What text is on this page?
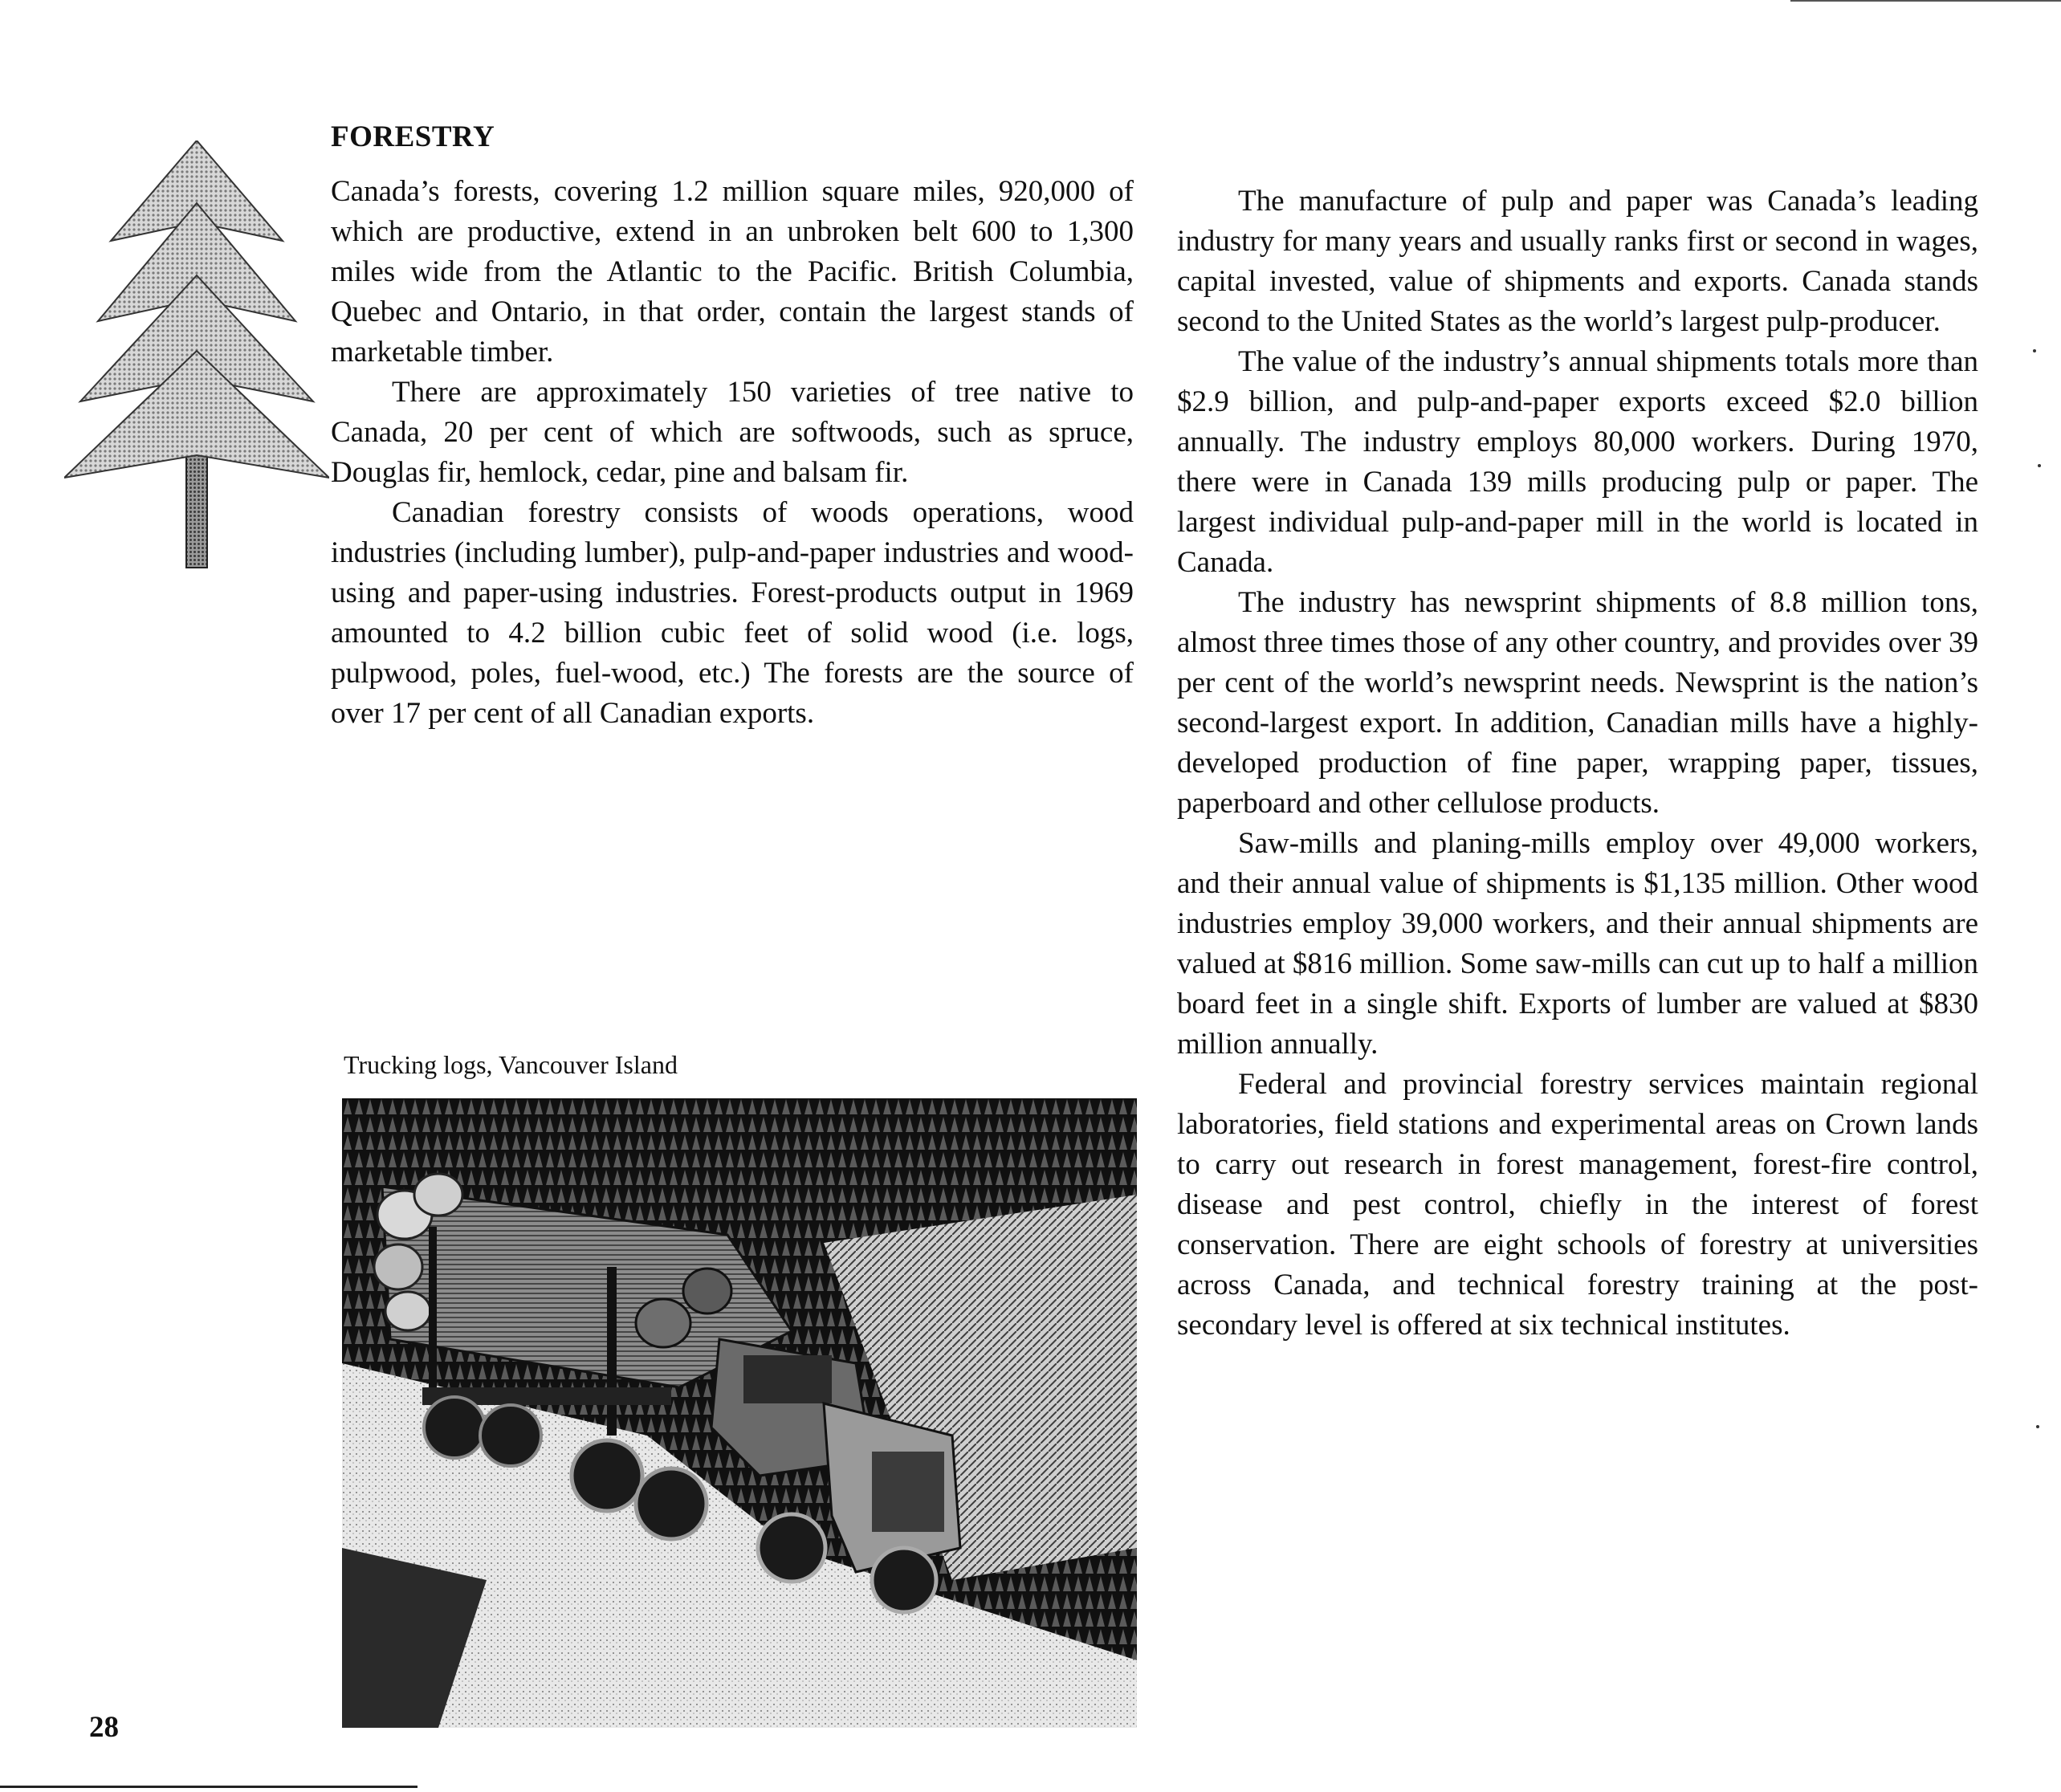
FORESTRY

Canada’s forests, covering 1.2 million square miles, 920,000 of which are productive, extend in an unbroken belt 600 to 1,300 miles wide from the Atlantic to the Pacific. British Columbia, Quebec and Ontario, in that order, contain the largest stands of marketable timber.

There are approximately 150 varieties of tree native to Canada, 20 per cent of which are softwoods, such as spruce, Douglas fir, hemlock, cedar, pine and balsam fir.

Canadian forestry consists of woods operations, wood industries (including lumber), pulp-and-paper industries and wood-using and paper-using industries. Forest-products output in 1969 amounted to 4.2 billion cubic feet of solid wood (i.e. logs, pulpwood, poles, fuel-wood, etc.) The forests are the source of over 17 per cent of all Canadian exports.

Trucking logs, Vancouver Island

The manufacture of pulp and paper was Canada’s leading industry for many years and usually ranks first or second in wages, capital invested, value of shipments and exports. Canada stands second to the United States as the world’s largest pulp-producer.

The value of the industry’s annual shipments totals more than $2.9 billion, and pulp-and-paper exports exceed $2.0 billion annually. The industry employs 80,000 workers. During 1970, there were in Canada 139 mills producing pulp or paper. The largest individual pulp-and-paper mill in the world is located in Canada.

The industry has newsprint shipments of 8.8 million tons, almost three times those of any other country, and provides over 39 per cent of the world’s newsprint needs. Newsprint is the nation’s second-largest export. In addition, Canadian mills have a highly-developed production of fine paper, wrapping paper, tissues, paperboard and other cellulose products.

Saw-mills and planing-mills employ over 49,000 workers, and their annual value of shipments is $1,135 million. Other wood industries employ 39,000 workers, and their annual shipments are valued at $816 million. Some saw-mills can cut up to half a million board feet in a single shift. Exports of lumber are valued at $830 million annually.

Federal and provincial forestry services maintain regional laboratories, field stations and experimental areas on Crown lands to carry out research in forest management, forest-fire control, disease and pest control, chiefly in the interest of forest conservation. There are eight schools of forestry at universities across Canada, and technical forestry training at the post-secondary level is offered at six technical institutes.

28
